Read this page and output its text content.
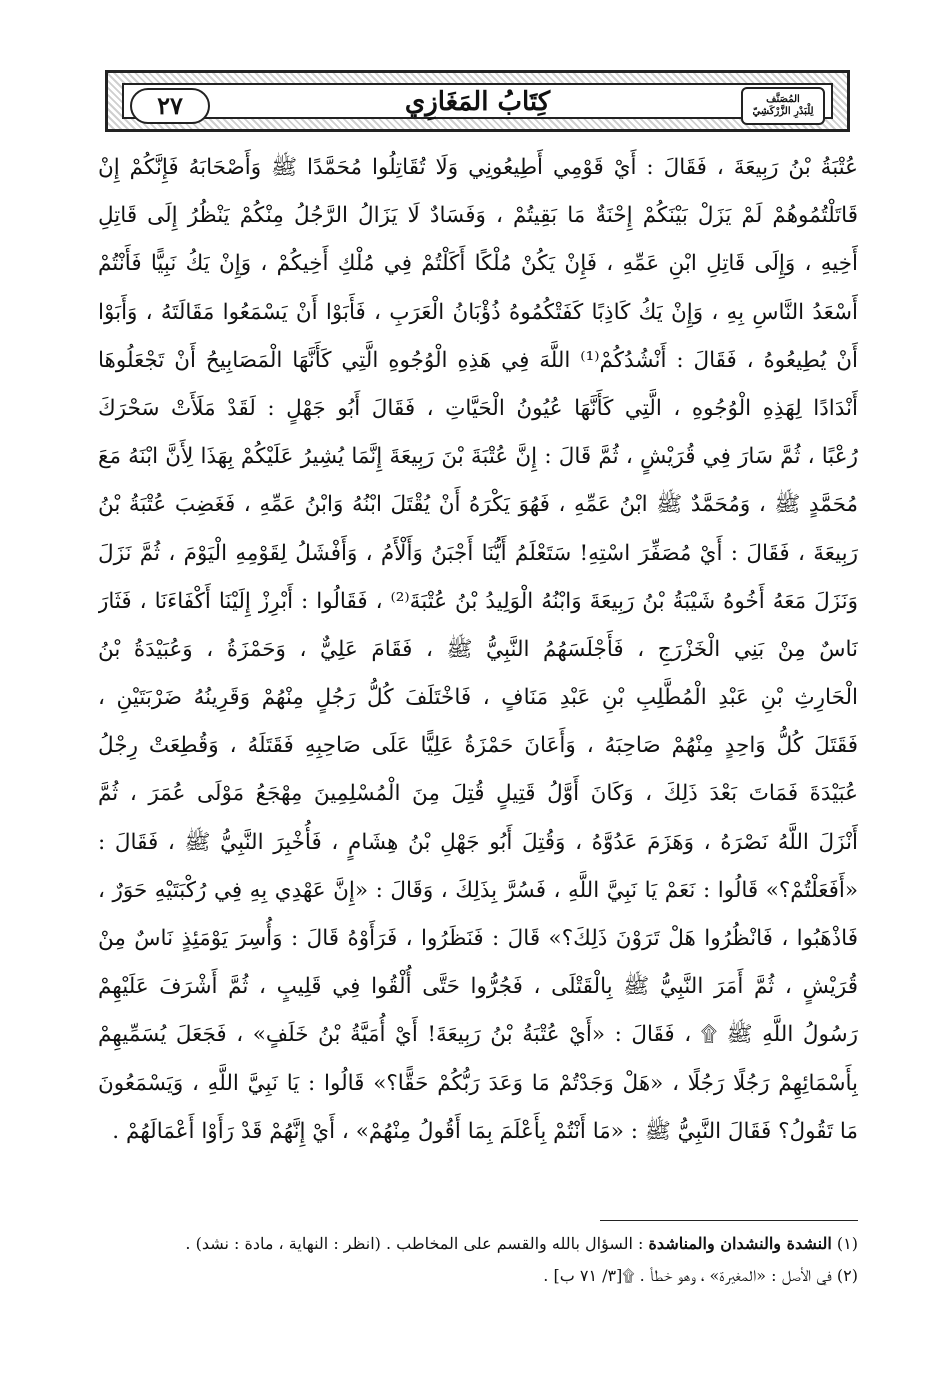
٢٧	كِتَابُ المَغَازِي	المُصَنَّف
لِلْبَدْرِ الزَّرْكَشِيّ
عُتْبَةُ بْنُ رَبِيعَةَ ، فَقَالَ : أَيْ قَوْمِي أَطِيعُونِي وَلَا تُقَاتِلُوا مُحَمَّدًا ﷺ وَأَصْحَابَهُ فَإِنَّكُمْ إِنْ
قَاتَلْتُمُوهُمْ لَمْ يَزَلْ بَيْنَكُمْ إِحْنَةٌ مَا بَقِيتُمْ ، وَفَسَادٌ لَا يَزَالُ الرَّجُلُ مِنْكُمْ يَنْظُرُ إِلَى قَاتِلِ
أَخِيهِ ، وَإِلَى قَاتِلِ ابْنِ عَمِّهِ ، فَإِنْ يَكُنْ مُلْكًا أَكَلْتُمْ فِي مُلْكِ أَخِيكُمْ ، وَإِنْ يَكُ نَبِيًّا فَأَنْتُمْ
أَسْعَدُ النَّاسِ بِهِ ، وَإِنْ يَكُ كَاذِبًا كَفَتْكُمُوهُ ذُؤْبَانُ الْعَرَبِ ، فَأَبَوْا أَنْ يَسْمَعُوا مَقَالَتَهُ ، وَأَبَوْا
أَنْ يُطِيعُوهُ ، فَقَالَ : أَنْشُدُكُمْ⁽¹⁾ اللَّهَ فِي هَذِهِ الْوُجُوهِ الَّتِي كَأَنَّهَا الْمَصَابِيحُ أَنْ تَجْعَلُوهَا
أَنْدَادًا لِهَذِهِ الْوُجُوهِ ، الَّتِي كَأَنَّهَا عُيُونُ الْحَيَّاتِ ، فَقَالَ أَبُو جَهْلٍ : لَقَدْ مَلَأَتْ سَحْرَكَ
رُعْبًا ، ثُمَّ سَارَ فِي قُرَيْشٍ ، ثُمَّ قَالَ : إِنَّ عُتْبَةَ بْنَ رَبِيعَةَ إِنَّمَا يُشِيرُ عَلَيْكُمْ بِهَذَا لِأَنَّ ابْنَهُ مَعَ
مُحَمَّدٍ ﷺ ، وَمُحَمَّدٌ ﷺ ابْنُ عَمِّهِ ، فَهُوَ يَكْرَهُ أَنْ يُقْتَلَ ابْنُهُ وَابْنُ عَمِّهِ ، فَغَضِبَ عُتْبَةُ بْنُ
رَبِيعَةَ ، فَقَالَ : أَيْ مُصَفِّرَ اسْتِهِ! سَتَعْلَمُ أَيُّنَا أَجْبَنُ وَأَلْأَمُ ، وَأَفْشَلُ لِقَوْمِهِ الْيَوْمَ ، ثُمَّ نَزَلَ
وَنَزَلَ مَعَهُ أَخُوهُ شَيْبَةُ بْنُ رَبِيعَةَ وَابْنُهُ الْوَلِيدُ بْنُ عُتْبَةَ⁽²⁾ ، فَقَالُوا : أَبْرِزْ إِلَيْنَا أَكْفَاءَنَا ، فَثَارَ
نَاسٌ مِنْ بَنِي الْخَزْرَجِ ، فَأَجْلَسَهُمُ النَّبِيُّ ﷺ ، فَقَامَ عَلِيٌّ ، وَحَمْزَةُ ، وَعُبَيْدَةُ بْنُ
الْحَارِثِ بْنِ عَبْدِ الْمُطَّلِبِ بْنِ عَبْدِ مَنَافٍ ، فَاخْتَلَفَ كُلُّ رَجُلٍ مِنْهُمْ وَقَرِينُهُ ضَرْبَتَيْنِ ،
فَقَتَلَ كُلُّ وَاحِدٍ مِنْهُمْ صَاحِبَهُ ، وَأَعَانَ حَمْزَةُ عَلِيًّا عَلَى صَاحِبِهِ فَقَتَلَهُ ، وَقُطِعَتْ رِجْلُ
عُبَيْدَةَ فَمَاتَ بَعْدَ ذَلِكَ ، وَكَانَ أَوَّلُ قَتِيلٍ قُتِلَ مِنَ الْمُسْلِمِينَ مِهْجَعُ مَوْلَى عُمَرَ ، ثُمَّ
أَنْزَلَ اللَّهُ نَصْرَهُ ، وَهَزَمَ عَدُوَّهُ ، وَقُتِلَ أَبُو جَهْلِ بْنُ هِشَامٍ ، فَأُخْبِرَ النَّبِيُّ ﷺ ، فَقَالَ :
«أَفَعَلْتُمْ؟» قَالُوا : نَعَمْ يَا نَبِيَّ اللَّهِ ، فَسُرَّ بِذَلِكَ ، وَقَالَ : «إِنَّ عَهْدِي بِهِ فِي رُكْبَتَيْهِ حَوَرٌ ،
فَاذْهَبُوا ، فَانْظُرُوا هَلْ تَرَوْنَ ذَلِكَ؟» قَالَ : فَنَظَرُوا ، فَرَأَوْهُ قَالَ : وَأُسِرَ يَوْمَئِذٍ نَاسٌ مِنْ
قُرَيْشٍ ، ثُمَّ أَمَرَ النَّبِيُّ ﷺ بِالْقَتْلَى ، فَجُرُّوا حَتَّى أُلْقُوا فِي قَلِيبٍ ، ثُمَّ أَشْرَفَ عَلَيْهِمْ
رَسُولُ اللَّهِ ﷺ ۩ ، فَقَالَ : «أَيْ عُتْبَةُ بْنُ رَبِيعَةَ! أَيْ أُمَيَّةُ بْنُ خَلَفٍ» ، فَجَعَلَ يُسَمِّيهِمْ
بِأَسْمَائِهِمْ رَجُلًا رَجُلًا ، «هَلْ وَجَدْتُمْ مَا وَعَدَ رَبُّكُمْ حَقًّا؟» قَالُوا : يَا نَبِيَّ اللَّهِ ، وَيَسْمَعُونَ
مَا تَقُولُ؟ فَقَالَ النَّبِيُّ ﷺ : «مَا أَنْتُمْ بِأَعْلَمَ بِمَا أَقُولُ مِنْهُمْ» ، أَيْ إِنَّهُمْ قَدْ رَأَوْا أَعْمَالَهُمْ .
(١) النشدة والنشدان والمناشدة : السؤال بالله والقسم على المخاطب . (انظر : النهاية ، مادة : نشد) .
(٢) في الأصل : «المغيرة» ، وهو خطأ . ۩[٣/ ٧١ ب] .
